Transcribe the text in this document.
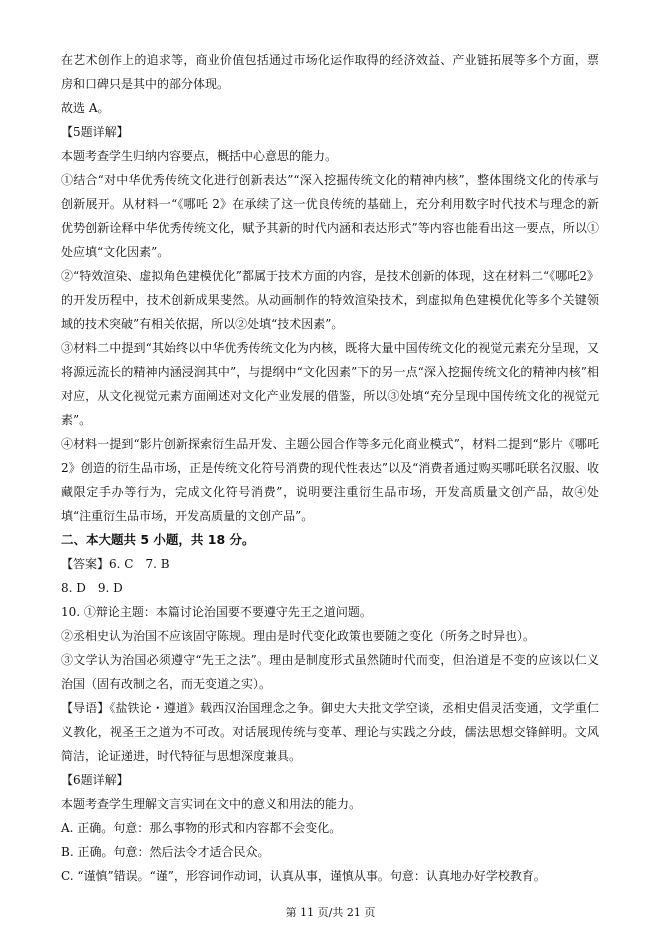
在艺术创作上的追求等，商业价值包括通过市场化运作取得的经济效益、产业链拓展等多个方面，票房和口碑只是其中的部分体现。

故选 A。

【5题详解】

本题考查学生归纳内容要点，概括中心意思的能力。

①结合“对中华优秀传统文化进行创新表达”“深入挖掘传统文化的精神内核”，整体围绕文化的传承与创新展开。从材料一“《哪吒 2》在承续了这一优良传统的基础上，充分利用数字时代技术与理念的新优势创新诠释中华优秀传统文化，赋予其新的时代内涵和表达形式”等内容也能看出这一要点，所以①处应填“文化因素”。

②“特效渲染、虚拟角色建模优化”都属于技术方面的内容，是技术创新的体现，这在材料二“《哪吒2》的开发历程中，技术创新成果斐然。从动画制作的特效渲染技术，到虚拟角色建模优化等多个关键领域的技术突破”有相关依据，所以②处填“技术因素”。

③材料二中提到“其始终以中华优秀传统文化为内核，既将大量中国传统文化的视觉元素充分呈现，又将源远流长的精神内涵浸润其中”，与提纲中“文化因素”下的另一点“深入挖掘传统文化的精神内核”相对应，从文化视觉元素方面阐述对文化产业发展的借鉴，所以③处填“充分呈现中国传统文化的视觉元素”。

④材料一提到“影片创新探索衍生品开发、主题公园合作等多元化商业模式”，材料二提到“影片《哪吒2》创造的衍生品市场，正是传统文化符号消费的现代性表达”以及“消费者通过购买哪吒联名汉服、收藏限定手办等行为，完成文化符号消费”，说明要注重衍生品市场，开发高质量文创产品，故④处填“注重衍生品市场，开发高质量的文创产品”。

二、本大题共 5 小题，共 18 分。

【答案】6. C　7. B

8. D　9. D

10. ①辩论主题：本篇讨论治国要不要遵守先王之道问题。

②丞相史认为治国不应该固守陈规。理由是时代变化政策也要随之变化（所务之时异也）。

③文学认为治国必须遵守“先王之法”。理由是制度形式虽然随时代而变，但治道是不变的应该以仁义治国（固有改制之名，而无变道之实）。

【导语】《盐铁论・遵道》载西汉治国理念之争。御史大夫批文学空谈，丞相史倡灵活变通，文学重仁义教化，视圣王之道为不可改。对话展现传统与变革、理论与实践之分歧，儒法思想交锋鲜明。文风简洁，论证递进，时代特征与思想深度兼具。

【6题详解】

本题考查学生理解文言实词在文中的意义和用法的能力。

A. 正确。句意：那么事物的形式和内容都不会变化。

B. 正确。句意：然后法令才适合民众。

C. “谨慎”错误。“谨”，形容词作动词，认真从事，谨慎从事。句意：认真地办好学校教育。

第 11 页/共 21 页
